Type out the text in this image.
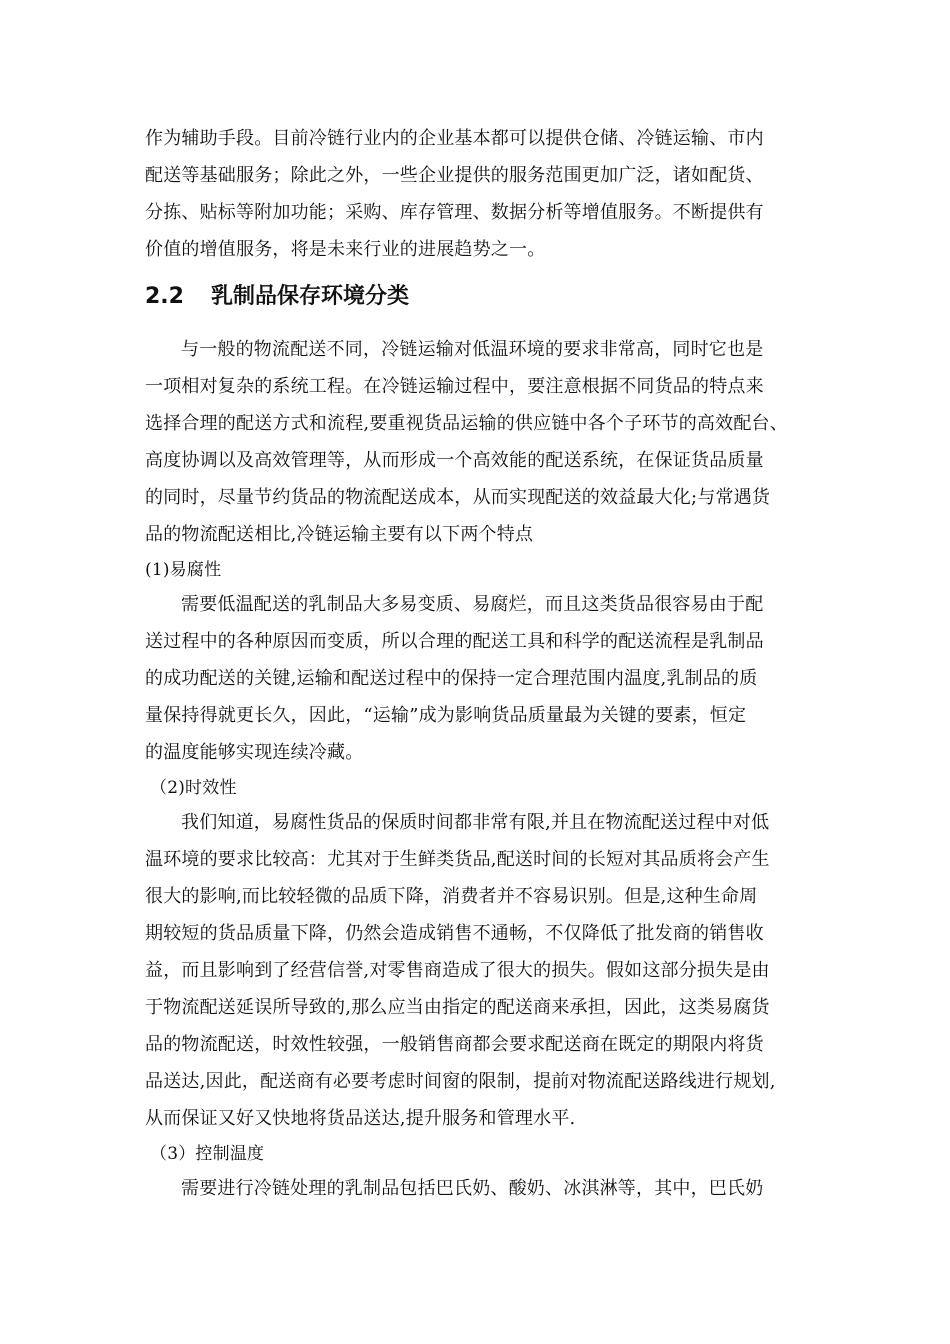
作为辅助手段。目前冷链行业内的企业基本都可以提供仓储、冷链运输、市内
配送等基础服务；除此之外，一些企业提供的服务范围更加广泛，诸如配货、
分拣、贴标等附加功能；采购、库存管理、数据分析等增值服务。不断提供有
价值的增值服务，将是未来行业的进展趋势之一。
2.2 乳制品保存环境分类
与一般的物流配送不同，冷链运输对低温环境的要求非常高，同时它也是
一项相对复杂的系统工程。在冷链运输过程中，要注意根据不同货品的特点来
选择合理的配送方式和流程,要重视货品运输的供应链中各个子环节的高效配台、
高度协调以及高效管理等，从而形成一个高效能的配送系统，在保证货品质量
的同时，尽量节约货品的物流配送成本，从而实现配送的效益最大化;与常遇货
品的物流配送相比,冷链运输主要有以下两个特点
(1)易腐性
需要低温配送的乳制品大多易变质、易腐烂，而且这类货品很容易由于配
送过程中的各种原因而变质，所以合理的配送工具和科学的配送流程是乳制品
的成功配送的关键,运输和配送过程中的保持一定合理范围内温度,乳制品的质
量保持得就更长久，因此，“运输”成为影响货品质量最为关键的要素，恒定
的温度能够实现连续冷藏。
（2)时效性
我们知道，易腐性货品的保质时间都非常有限,并且在物流配送过程中对低
温环境的要求比较高：尤其对于生鲜类货品,配送时间的长短对其品质将会产生
很大的影响,而比较轻微的品质下降，消费者并不容易识别。但是,这种生命周
期较短的货品质量下降，仍然会造成销售不通畅，不仅降低了批发商的销售收
益，而且影响到了经营信誉,对零售商造成了很大的损失。假如这部分损失是由
于物流配送延误所导致的,那么应当由指定的配送商来承担，因此，这类易腐货
品的物流配送，时效性较强，一般销售商都会要求配送商在既定的期限内将货
品送达,因此，配送商有必要考虑时间窗的限制，提前对物流配送路线进行规划,
从而保证又好又快地将货品送达,提升服务和管理水平.
（3）控制温度
需要进行冷链处理的乳制品包括巴氏奶、酸奶、冰淇淋等，其中，巴氏奶
